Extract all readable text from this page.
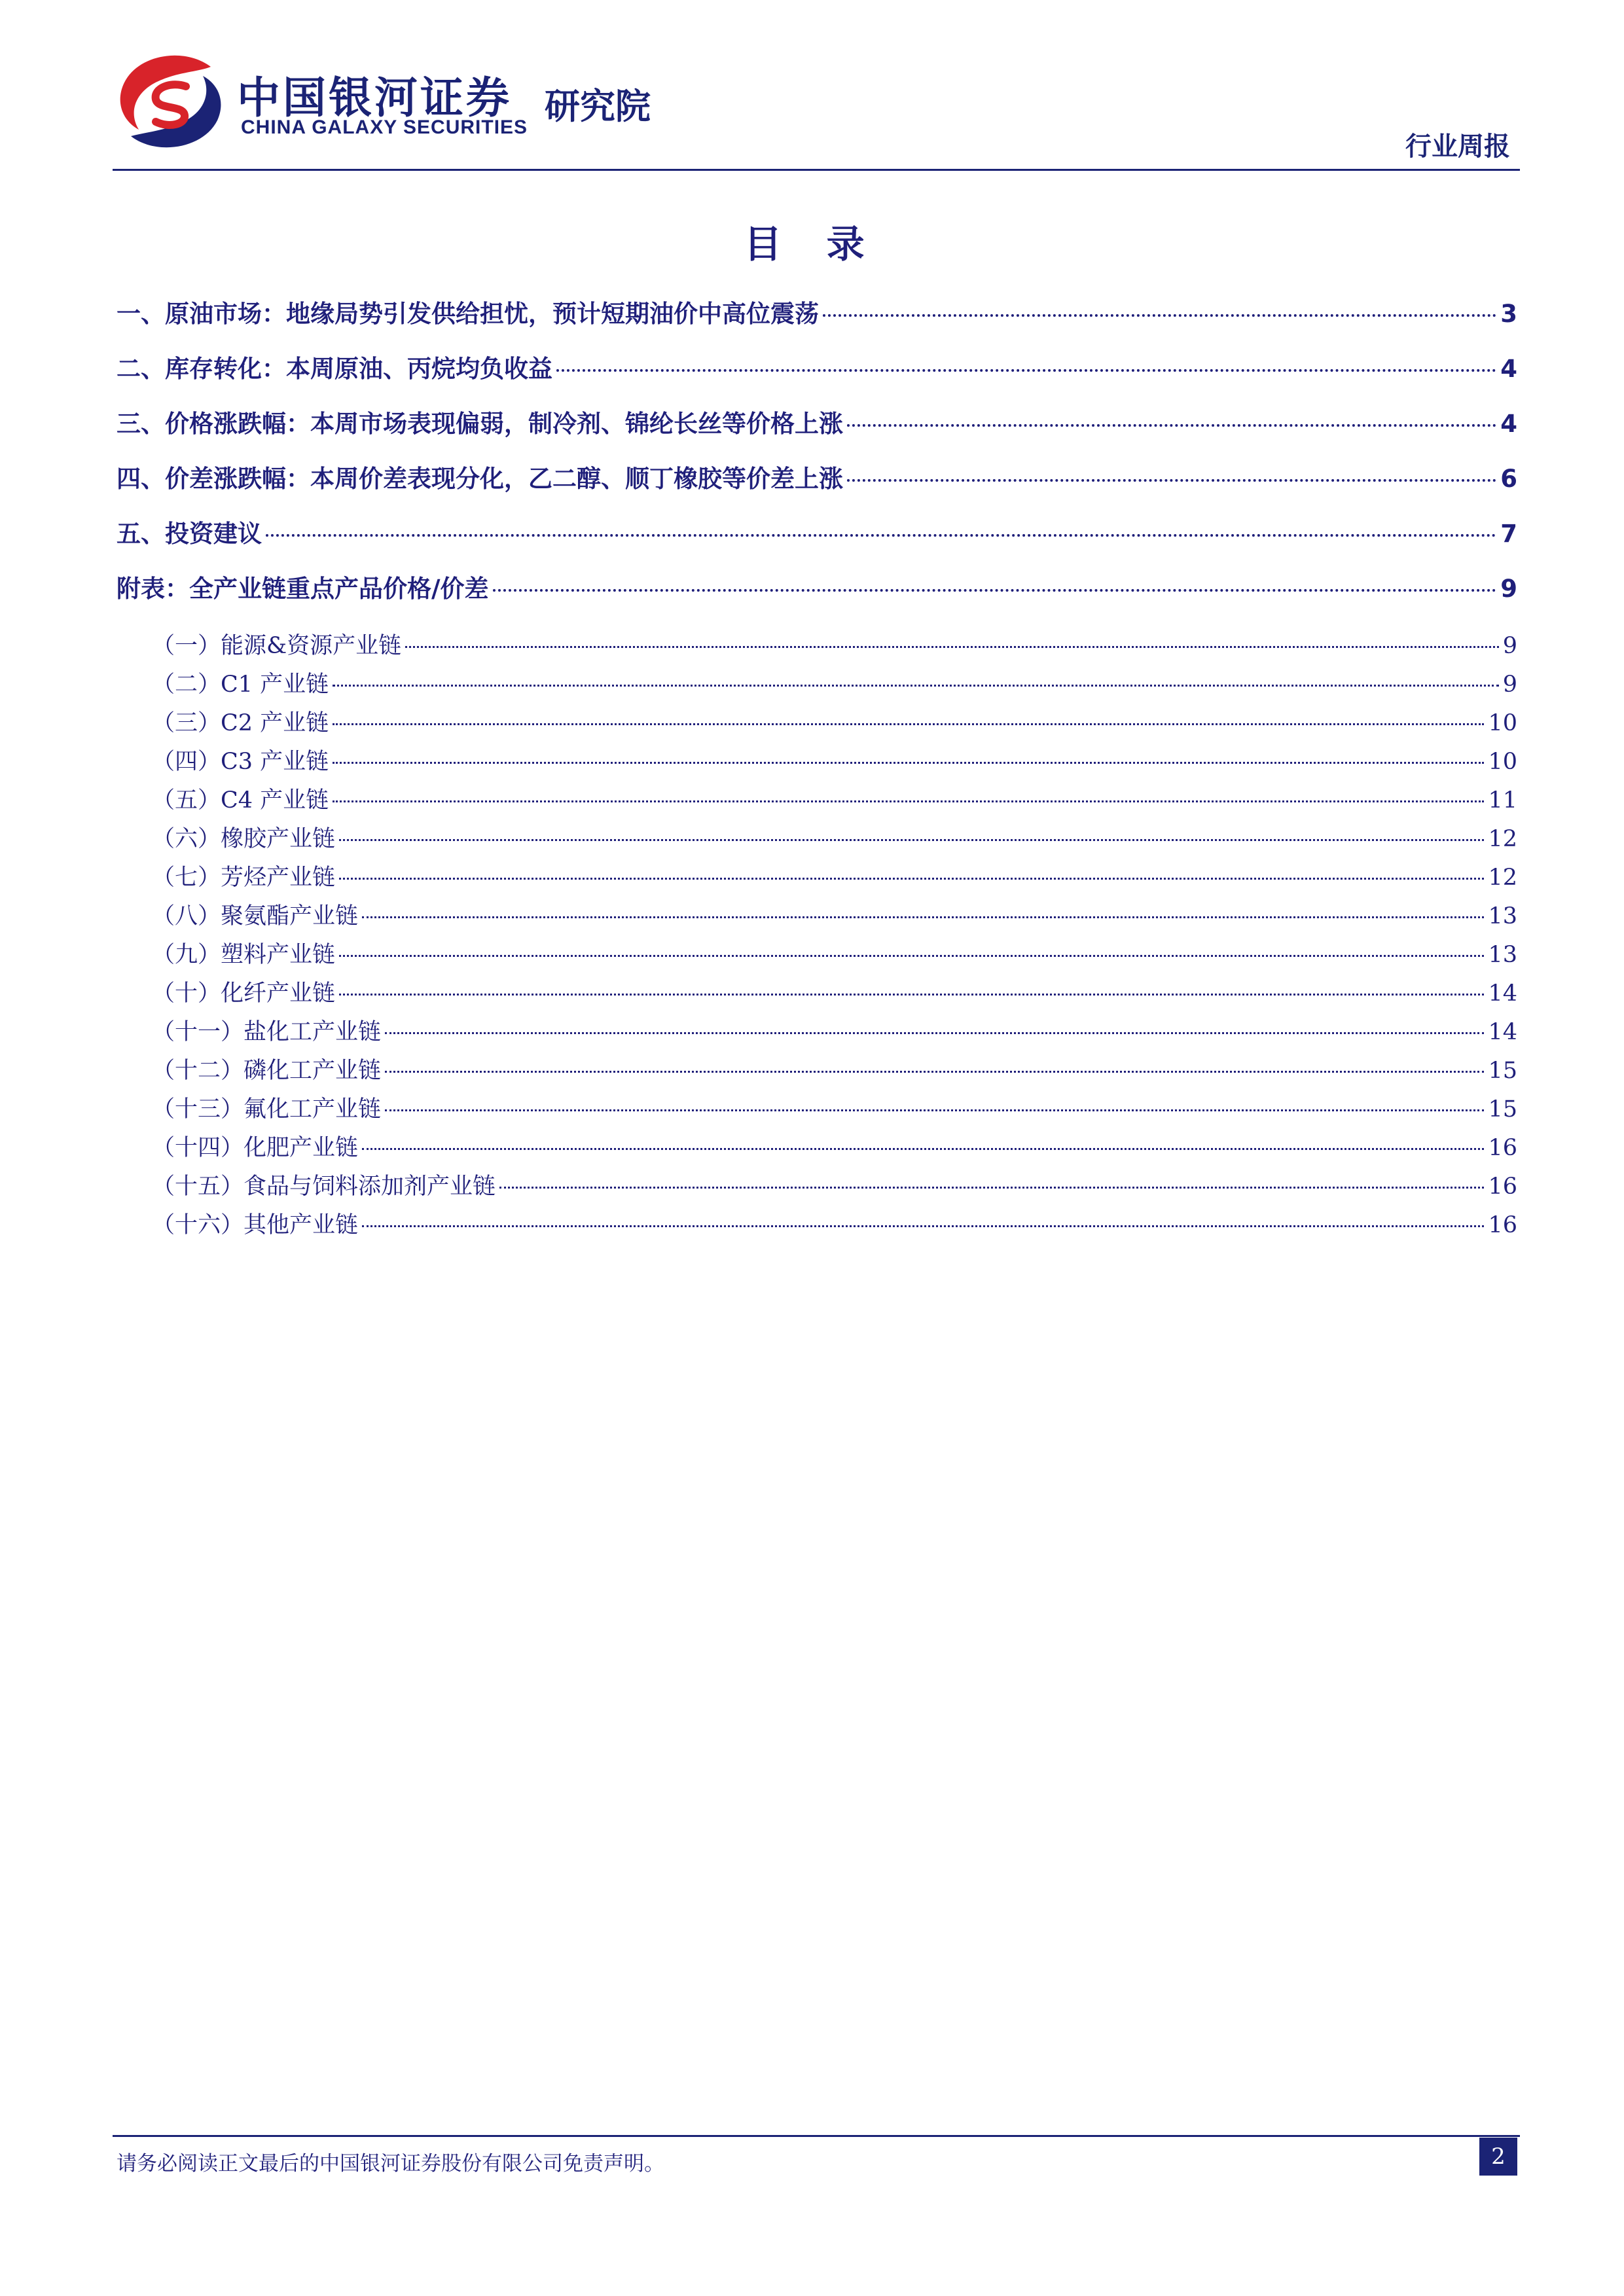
中国银河证券
CHINA GALAXY SECURITIES
研究院
行业周报
目 录
一、原油市场：地缘局势引发供给担忧，预计短期油价中高位震荡	3
二、库存转化：本周原油、丙烷均负收益	4
三、价格涨跌幅：本周市场表现偏弱，制冷剂、锦纶长丝等价格上涨	4
四、价差涨跌幅：本周价差表现分化，乙二醇、顺丁橡胶等价差上涨	6
五、投资建议	7
附表：全产业链重点产品价格/价差	9
（一）能源&资源产业链	9
（二）C1 产业链	9
（三）C2 产业链	10
（四）C3 产业链	10
（五）C4 产业链	11
（六）橡胶产业链	12
（七）芳烃产业链	12
（八）聚氨酯产业链	13
（九）塑料产业链	13
（十）化纤产业链	14
（十一）盐化工产业链	14
（十二）磷化工产业链	15
（十三）氟化工产业链	15
（十四）化肥产业链	16
（十五）食品与饲料添加剂产业链	16
（十六）其他产业链	16
请务必阅读正文最后的中国银河证券股份有限公司免责声明。	2
